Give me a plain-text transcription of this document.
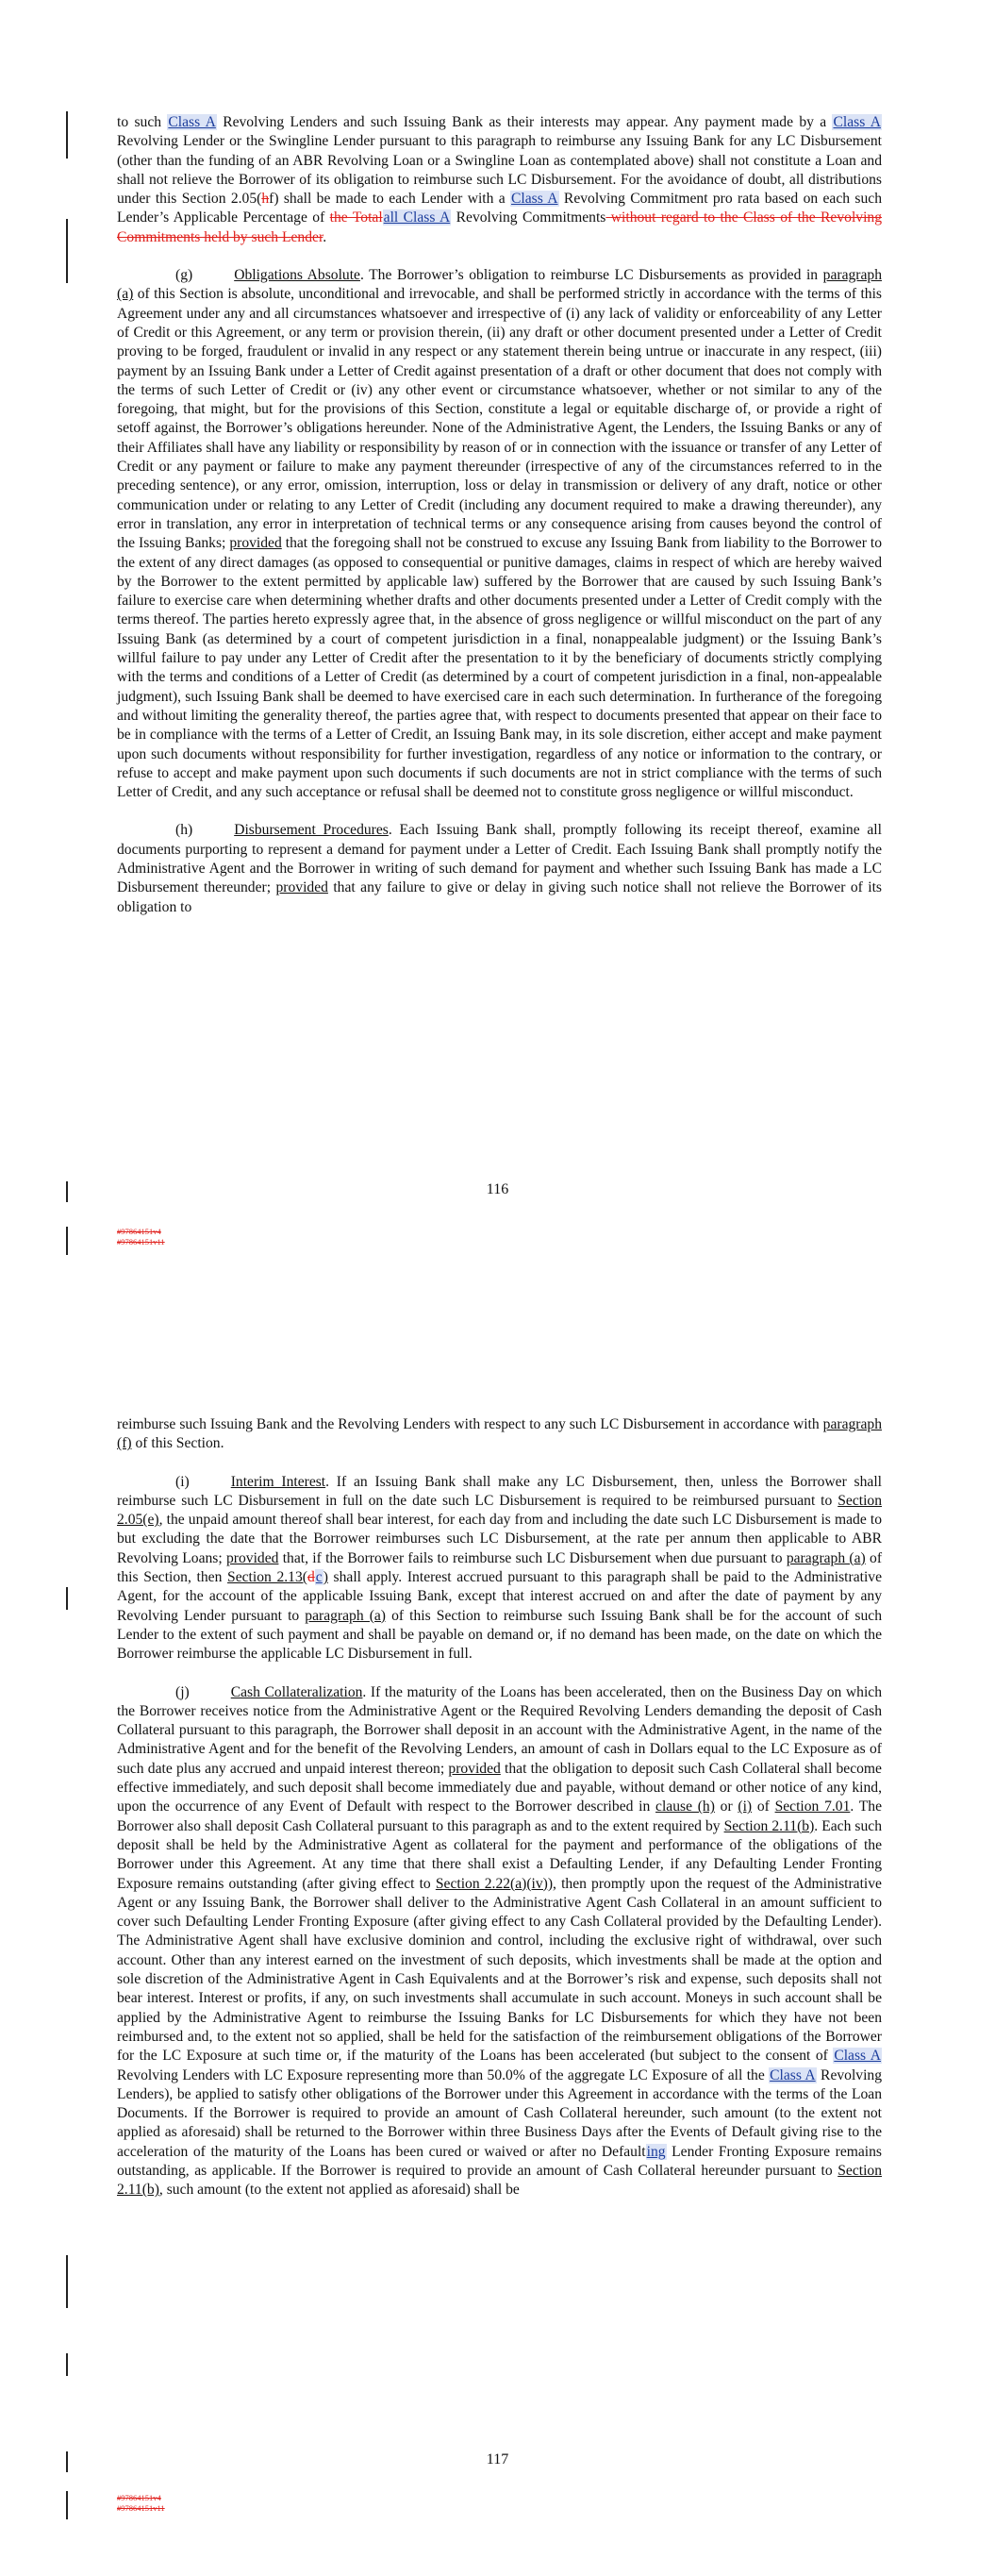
to such Class A Revolving Lenders and such Issuing Bank as their interests may appear. Any payment made by a Class A Revolving Lender or the Swingline Lender pursuant to this paragraph to reimburse any Issuing Bank for any LC Disbursement (other than the funding of an ABR Revolving Loan or a Swingline Loan as contemplated above) shall not constitute a Loan and shall not relieve the Borrower of its obligation to reimburse such LC Disbursement. For the avoidance of doubt, all distributions under this Section 2.05(hf) shall be made to each Lender with a Class A Revolving Commitment pro rata based on each such Lender’s Applicable Percentage of the Totalall Class A Revolving Commitments without regard to the Class of the Revolving Commitments held by such Lender.

(g)	Obligations Absolute. The Borrower’s obligation to reimburse LC Disbursements as provided in paragraph (a) of this Section is absolute, unconditional and irrevocable, and shall be performed strictly in accordance with the terms of this Agreement under any and all circumstances whatsoever and irrespective of (i) any lack of validity or enforceability of any Letter of Credit or this Agreement, or any term or provision therein, (ii) any draft or other document presented under a Letter of Credit proving to be forged, fraudulent or invalid in any respect or any statement therein being untrue or inaccurate in any respect, (iii) payment by an Issuing Bank under a Letter of Credit against presentation of a draft or other document that does not comply with the terms of such Letter of Credit or (iv) any other event or circumstance whatsoever, whether or not similar to any of the foregoing, that might, but for the provisions of this Section, constitute a legal or equitable discharge of, or provide a right of setoff against, the Borrower’s obligations hereunder. None of the Administrative Agent, the Lenders, the Issuing Banks or any of their Affiliates shall have any liability or responsibility by reason of or in connection with the issuance or transfer of any Letter of Credit or any payment or failure to make any payment thereunder (irrespective of any of the circumstances referred to in the preceding sentence), or any error, omission, interruption, loss or delay in transmission or delivery of any draft, notice or other communication under or relating to any Letter of Credit (including any document required to make a drawing thereunder), any error in translation, any error in interpretation of technical terms or any consequence arising from causes beyond the control of the Issuing Banks; provided that the foregoing shall not be construed to excuse any Issuing Bank from liability to the Borrower to the extent of any direct damages (as opposed to consequential or punitive damages, claims in respect of which are hereby waived by the Borrower to the extent permitted by applicable law) suffered by the Borrower that are caused by such Issuing Bank’s failure to exercise care when determining whether drafts and other documents presented under a Letter of Credit comply with the terms thereof. The parties hereto expressly agree that, in the absence of gross negligence or willful misconduct on the part of any Issuing Bank (as determined by a court of competent jurisdiction in a final, nonappealable judgment) or the Issuing Bank’s willful failure to pay under any Letter of Credit after the presentation to it by the beneficiary of documents strictly complying with the terms and conditions of a Letter of Credit (as determined by a court of competent jurisdiction in a final, non-appealable judgment), such Issuing Bank shall be deemed to have exercised care in each such determination. In furtherance of the foregoing and without limiting the generality thereof, the parties agree that, with respect to documents presented that appear on their face to be in compliance with the terms of a Letter of Credit, an Issuing Bank may, in its sole discretion, either accept and make payment upon such documents without responsibility for further investigation, regardless of any notice or information to the contrary, or refuse to accept and make payment upon such documents if such documents are not in strict compliance with the terms of such Letter of Credit, and any such acceptance or refusal shall be deemed not to constitute gross negligence or willful misconduct.

(h)	Disbursement Procedures. Each Issuing Bank shall, promptly following its receipt thereof, examine all documents purporting to represent a demand for payment under a Letter of Credit. Each Issuing Bank shall promptly notify the Administrative Agent and the Borrower in writing of such demand for payment and whether such Issuing Bank has made a LC Disbursement thereunder; provided that any failure to give or delay in giving such notice shall not relieve the Borrower of its obligation to

116
#97864151v4
#97864151v11

reimburse such Issuing Bank and the Revolving Lenders with respect to any such LC Disbursement in accordance with paragraph (f) of this Section.

(i)	Interim Interest. If an Issuing Bank shall make any LC Disbursement, then, unless the Borrower shall reimburse such LC Disbursement in full on the date such LC Disbursement is required to be reimbursed pursuant to Section 2.05(e), the unpaid amount thereof shall bear interest, for each day from and including the date such LC Disbursement is made to but excluding the date that the Borrower reimburses such LC Disbursement, at the rate per annum then applicable to ABR Revolving Loans; provided that, if the Borrower fails to reimburse such LC Disbursement when due pursuant to paragraph (a) of this Section, then Section 2.13(dc) shall apply. Interest accrued pursuant to this paragraph shall be paid to the Administrative Agent, for the account of the applicable Issuing Bank, except that interest accrued on and after the date of payment by any Revolving Lender pursuant to paragraph (a) of this Section to reimburse such Issuing Bank shall be for the account of such Lender to the extent of such payment and shall be payable on demand or, if no demand has been made, on the date on which the Borrower reimburse the applicable LC Disbursement in full.

(j)	Cash Collateralization. If the maturity of the Loans has been accelerated, then on the Business Day on which the Borrower receives notice from the Administrative Agent or the Required Revolving Lenders demanding the deposit of Cash Collateral pursuant to this paragraph, the Borrower shall deposit in an account with the Administrative Agent, in the name of the Administrative Agent and for the benefit of the Revolving Lenders, an amount of cash in Dollars equal to the LC Exposure as of such date plus any accrued and unpaid interest thereon; provided that the obligation to deposit such Cash Collateral shall become effective immediately, and such deposit shall become immediately due and payable, without demand or other notice of any kind, upon the occurrence of any Event of Default with respect to the Borrower described in clause (h) or (i) of Section 7.01. The Borrower also shall deposit Cash Collateral pursuant to this paragraph as and to the extent required by Section 2.11(b). Each such deposit shall be held by the Administrative Agent as collateral for the payment and performance of the obligations of the Borrower under this Agreement. At any time that there shall exist a Defaulting Lender, if any Defaulting Lender Fronting Exposure remains outstanding (after giving effect to Section 2.22(a)(iv)), then promptly upon the request of the Administrative Agent or any Issuing Bank, the Borrower shall deliver to the Administrative Agent Cash Collateral in an amount sufficient to cover such Defaulting Lender Fronting Exposure (after giving effect to any Cash Collateral provided by the Defaulting Lender). The Administrative Agent shall have exclusive dominion and control, including the exclusive right of withdrawal, over such account. Other than any interest earned on the investment of such deposits, which investments shall be made at the option and sole discretion of the Administrative Agent in Cash Equivalents and at the Borrower’s risk and expense, such deposits shall not bear interest. Interest or profits, if any, on such investments shall accumulate in such account. Moneys in such account shall be applied by the Administrative Agent to reimburse the Issuing Banks for LC Disbursements for which they have not been reimbursed and, to the extent not so applied, shall be held for the satisfaction of the reimbursement obligations of the Borrower for the LC Exposure at such time or, if the maturity of the Loans has been accelerated (but subject to the consent of Class A Revolving Lenders with LC Exposure representing more than 50.0% of the aggregate LC Exposure of all the Class A Revolving Lenders), be applied to satisfy other obligations of the Borrower under this Agreement in accordance with the terms of the Loan Documents. If the Borrower is required to provide an amount of Cash Collateral hereunder, such amount (to the extent not applied as aforesaid) shall be returned to the Borrower within three Business Days after the Events of Default giving rise to the acceleration of the maturity of the Loans has been cured or waived or after no Defaulting Lender Fronting Exposure remains outstanding, as applicable. If the Borrower is required to provide an amount of Cash Collateral hereunder pursuant to Section 2.11(b), such amount (to the extent not applied as aforesaid) shall be

117
#97864151v4
#97864151v11
